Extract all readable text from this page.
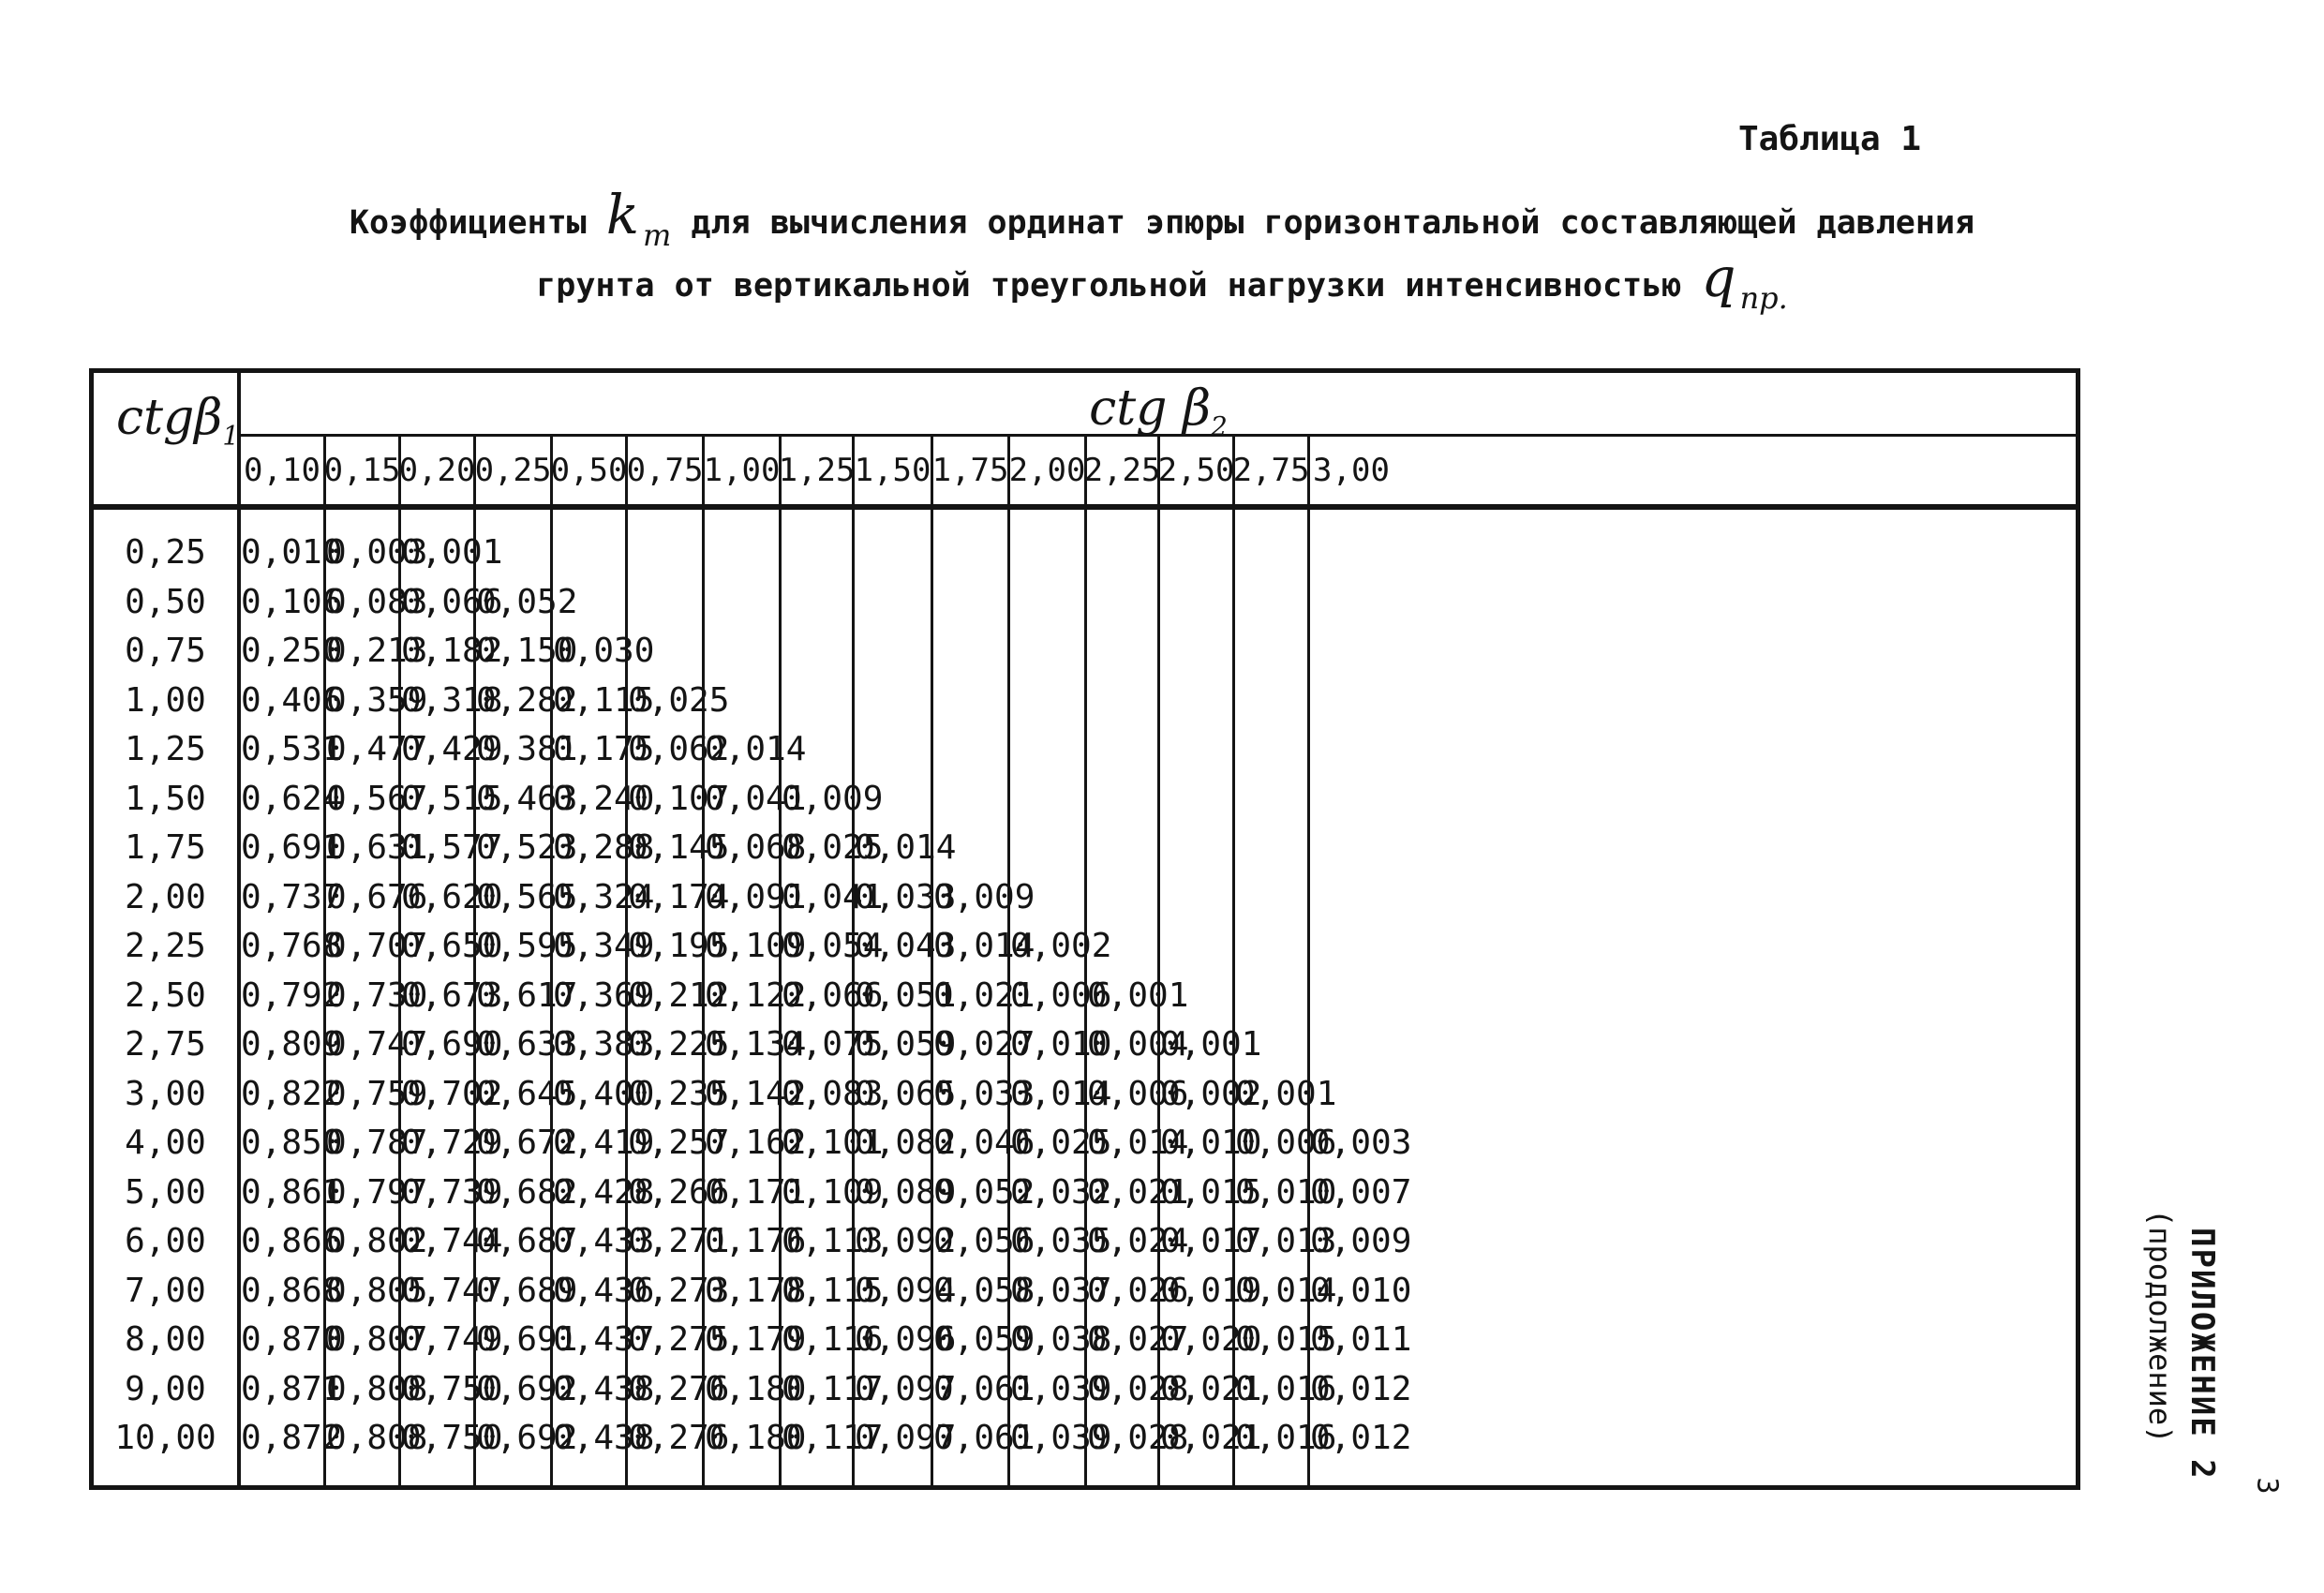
Таблица 1
Коэффициенты k $_т$ для вычисления ординат эпюры горизонтальной составляющей давления
грунта от вертикальной треугольной нагрузки интенсивностью q $_{пр.}$
ctgβ$_1$	ctg $\beta_2$
0,10 0,15
0,20 0,25 0,50 0,75 1,00
1,25 1,50 1,75 2,00
2,25
2,50
2,75 3,00
0,25
0,50
0,75
1,00
1,25
1,50
1,75
2,00
2,25
2,50
2,75
3,00
4,00
5,00
6,00
7,00
8,00
9,00
10,00
0,010
0,106
0,250
0,406
0,531
0,624
0,691
0,737
0,768
0,792
0,809
0,822
0,850
0,861
0,866
0,868
0,870
0,871
0,872
0,003
0,083
0,213
0,359
0,477
0,567
0,631
0,676
0,707
0,730
0,747
0,759
0,787
0,797
0,802
0,805
0,807
0,808
0,808
0,001
0,066
0,182
0,318
0,429
0,515
0,577
0,620
0,650
0,673
0,690
0,702
0,729
0,739
0,744
0,747
0,749
0,750
0,750
0,052
0,150
0,282
0,381
0,463
0,523
0,565
0,595
0,617
0,633
0,645
0,672
0,682
0,687
0,689
0,691
0,692
0,692
0,030
0,115
0,175
0,240
0,288
0,324
0,349
0,369
0,383
0,400
0,419
0,428
0,433
0,436
0,437
0,438
0,438
0,025
0,062
0,107
0,145
0,174
0,195
0,212
0,225
0,235
0,257
0,266
0,271
0,273
0,275
0,276
0,276
0,014
0,041
0,068
0,091
0,109
0,122
0,134
0,142
0,162
0,171
0,176
0,178
0,179
0,180
0,180
0,009
0,025
0,041
0,054
0,066
0,075
0,083
0,101
0,109
0,113
0,115
0,116
0,117
0,117
0,014
0,033
0,043
0,051
0,059
0,065
0,082
0,089
0,092
0,094
0,096
0,097
0,097
0,009
0,014
0,021
0,027
0,033
0,046
0,052
0,056
0,058
0,059
0,061
0,061
0,002
0,006
0,010
0,014
0,025
0,032
0,035
0,037
0,038
0,039
0,039
0,001
0,004
0,006
0,014
0,021
0,024
0,026
0,027
0,028
0,028
0,001
0,002
0,010
0,015
0,017
0,019
0,020
0,021
0,021
0,001
0,006
0,010
0,013
0,014
0,015
0,016
0,016
0,003
0,007
0,009
0,010
0,011
0,012
0,012	ПРИЛОЖЕНИЕ 2
(продолжение)
3
